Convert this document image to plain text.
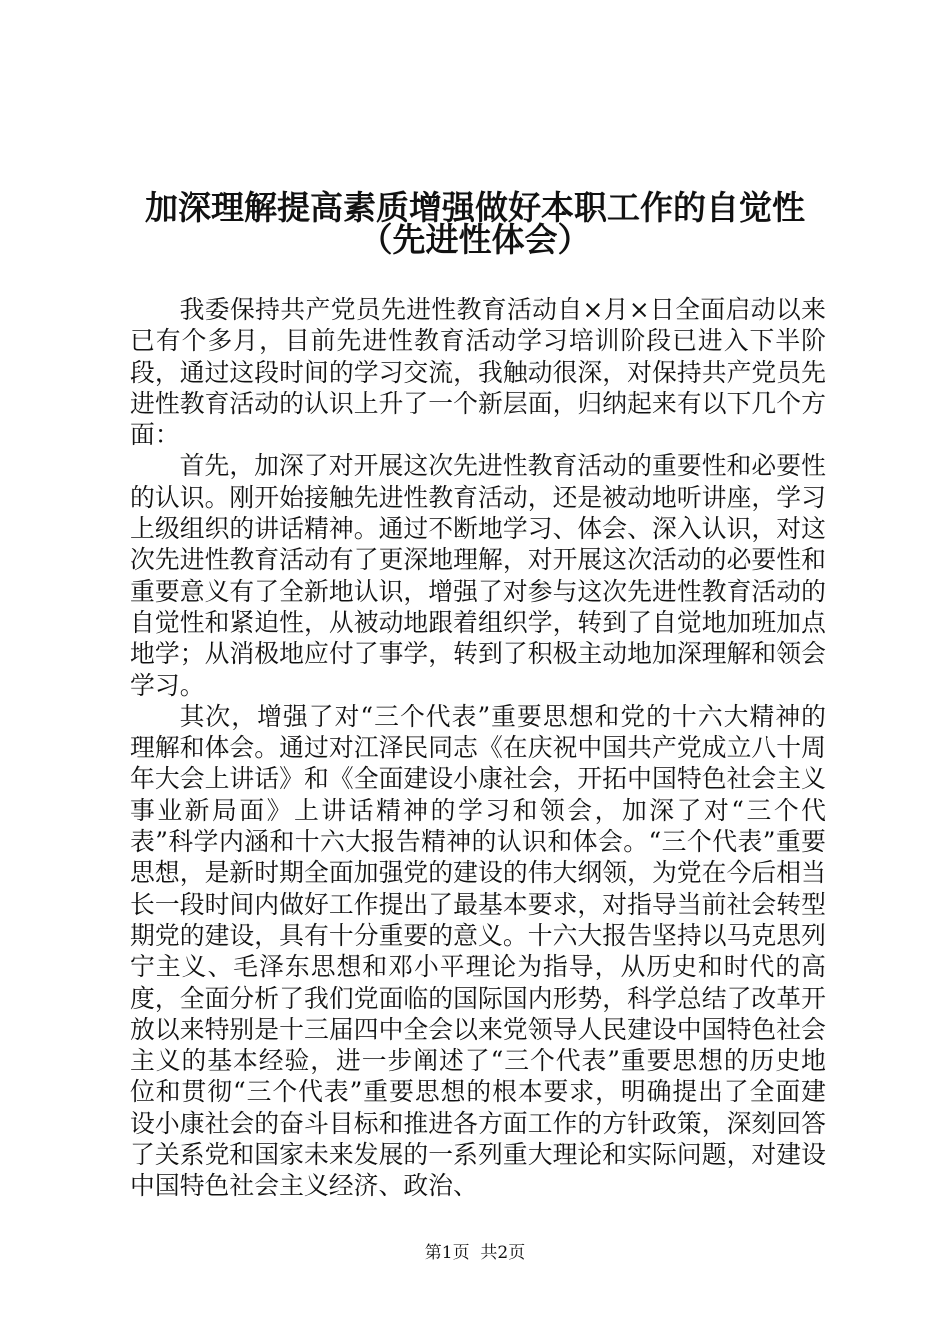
加深理解提高素质增强做好本职工作的自觉性
（先进性体会）

我委保持共产党员先进性教育活动自×月×日全面启动以来已有个多月，目前先进性教育活动学习培训阶段已进入下半阶段，通过这段时间的学习交流，我触动很深，对保持共产党员先进性教育活动的认识上升了一个新层面，归纳起来有以下几个方面：

首先，加深了对开展这次先进性教育活动的重要性和必要性的认识。刚开始接触先进性教育活动，还是被动地听讲座，学习上级组织的讲话精神。通过不断地学习、体会、深入认识，对这次先进性教育活动有了更深地理解，对开展这次活动的必要性和重要意义有了全新地认识，增强了对参与这次先进性教育活动的自觉性和紧迫性，从被动地跟着组织学，转到了自觉地加班加点地学；从消极地应付了事学，转到了积极主动地加深理解和领会学习。

其次，增强了对“三个代表”重要思想和党的十六大精神的理解和体会。通过对江泽民同志《在庆祝中国共产党成立八十周年大会上讲话》和《全面建设小康社会，开拓中国特色社会主义事业新局面》上讲话精神的学习和领会，加深了对“三个代表”科学内涵和十六大报告精神的认识和体会。“三个代表”重要思想，是新时期全面加强党的建设的伟大纲领，为党在今后相当长一段时间内做好工作提出了最基本要求，对指导当前社会转型期党的建设，具有十分重要的意义。十六大报告坚持以马克思列宁主义、毛泽东思想和邓小平理论为指导，从历史和时代的高度，全面分析了我们党面临的国际国内形势，科学总结了改革开放以来特别是十三届四中全会以来党领导人民建设中国特色社会主义的基本经验，进一步阐述了“三个代表”重要思想的历史地位和贯彻“三个代表”重要思想的根本要求，明确提出了全面建设小康社会的奋斗目标和推进各方面工作的方针政策，深刻回答了关系党和国家未来发展的一系列重大理论和实际问题，对建设中国特色社会主义经济、政治、

第1页  共2页
